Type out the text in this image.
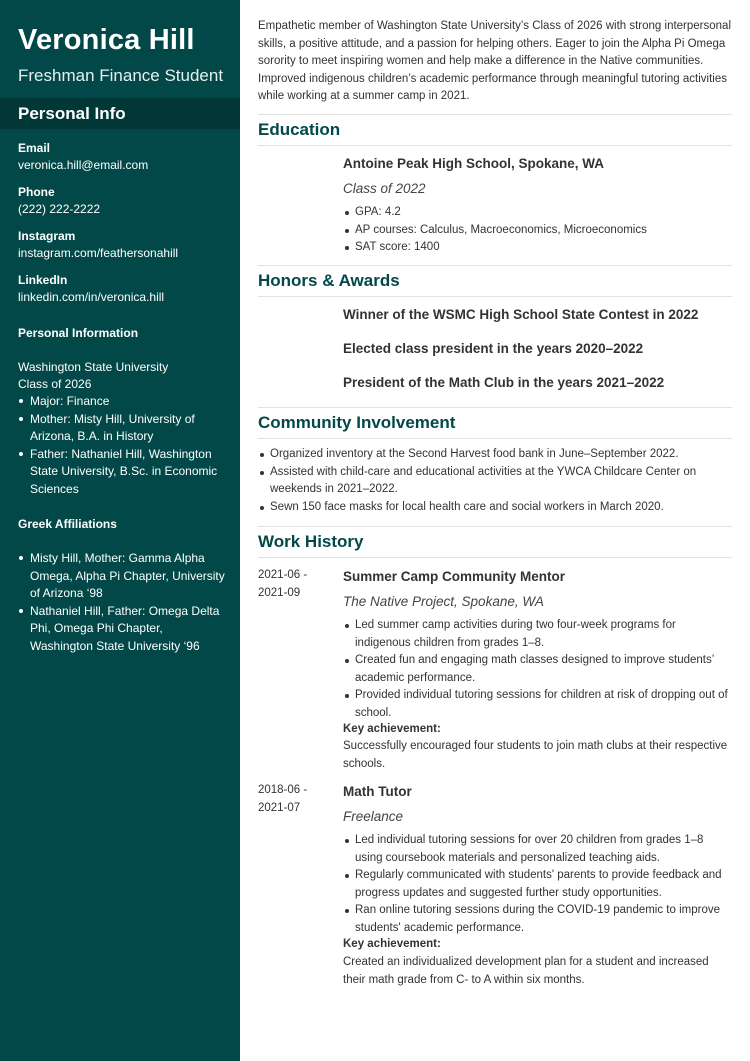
Veronica Hill
Freshman Finance Student
Personal Info
Email
veronica.hill@email.com
Phone
(222) 222-2222
Instagram
instagram.com/feathersonahill
LinkedIn
linkedin.com/in/veronica.hill
Personal Information
Washington State University
Class of 2026
Major: Finance
Mother: Misty Hill, University of Arizona, B.A. in History
Father: Nathaniel Hill, Washington State University, B.Sc. in Economic Sciences
Greek Affiliations
Misty Hill, Mother: Gamma Alpha Omega, Alpha Pi Chapter, University of Arizona ‘98
Nathaniel Hill, Father: Omega Delta Phi, Omega Phi Chapter, Washington State University ‘96

Empathetic member of Washington State University’s Class of 2026 with strong interpersonal skills, a positive attitude, and a passion for helping others. Eager to join the Alpha Pi Omega sorority to meet inspiring women and help make a difference in the Native communities. Improved indigenous children’s academic performance through meaningful tutoring activities while working at a summer camp in 2021.

Education
Antoine Peak High School, Spokane, WA
Class of 2022
GPA: 4.2
AP courses: Calculus, Macroeconomics, Microeconomics
SAT score: 1400
Honors & Awards
Winner of the WSMC High School State Contest in 2022
Elected class president in the years 2020–2022
President of the Math Club in the years 2021–2022
Community Involvement
Organized inventory at the Second Harvest food bank in June–September 2022.
Assisted with child-care and educational activities at the YWCA Childcare Center on weekends in 2021–2022.
Sewn 150 face masks for local health care and social workers in March 2020.
Work History
2021-06 - 2021-09
Summer Camp Community Mentor
The Native Project, Spokane, WA
Led summer camp activities during two four-week programs for indigenous children from grades 1–8.
Created fun and engaging math classes designed to improve students’ academic performance.
Provided individual tutoring sessions for children at risk of dropping out of school.
Key achievement:
Successfully encouraged four students to join math clubs at their respective schools.
2018-06 - 2021-07
Math Tutor
Freelance
Led individual tutoring sessions for over 20 children from grades 1–8 using coursebook materials and personalized teaching aids.
Regularly communicated with students' parents to provide feedback and progress updates and suggested further study opportunities.
Ran online tutoring sessions during the COVID-19 pandemic to improve students' academic performance.
Key achievement:
Created an individualized development plan for a student and increased their math grade from C- to A within six months.
